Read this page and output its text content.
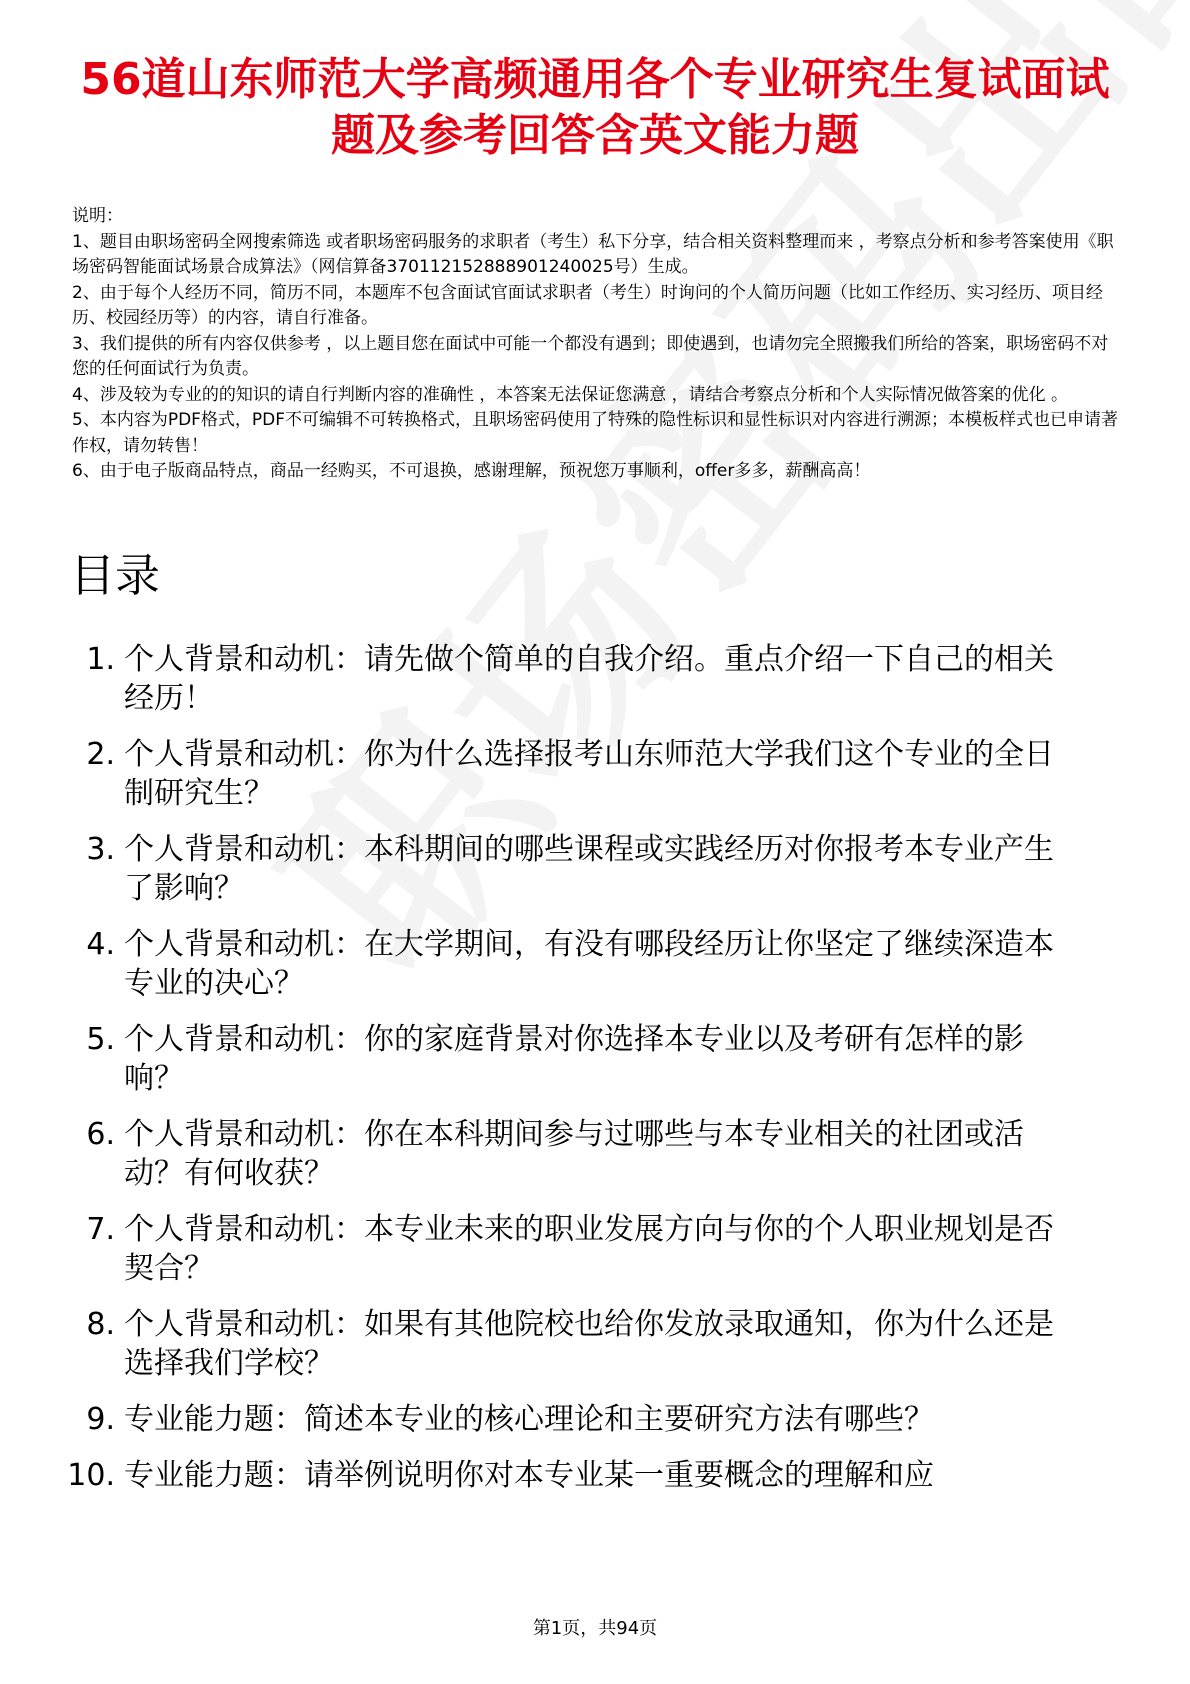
56道山东师范大学高频通用各个专业研究生复试面试题及参考回答含英文能力题

说明：

1、题目由职场密码全网搜索筛选 或者职场密码服务的求职者（考生）私下分享，结合相关资料整理而来 ，考察点分析和参考答案使用《职场密码智能面试场景合成算法》（网信算备370112152888901240025号）生成。

2、由于每个人经历不同，简历不同，本题库不包含面试官面试求职者（考生）时询问的个人简历问题（比如工作经历、实习经历、项目经历、校园经历等）的内容，请自行准备。

3、我们提供的所有内容仅供参考 ，以上题目您在面试中可能一个都没有遇到；即使遇到，也请勿完全照搬我们所给的答案，职场密码不对您的任何面试行为负责。

4、涉及较为专业的的知识的请自行判断内容的准确性 ，本答案无法保证您满意 ，请结合考察点分析和个人实际情况做答案的优化 。

5、本内容为PDF格式，PDF不可编辑不可转换格式，且职场密码使用了特殊的隐性标识和显性标识对内容进行溯源；本模板样式也已申请著作权，请勿转售！

6、由于电子版商品特点，商品一经购买，不可退换，感谢理解，预祝您万事顺利，offer多多，薪酬高高！

目录
1. 个人背景和动机：请先做个简单的自我介绍。重点介绍一下自己的相关经历！
2. 个人背景和动机：你为什么选择报考山东师范大学我们这个专业的全日制研究生？
3. 个人背景和动机：本科期间的哪些课程或实践经历对你报考本专业产生了影响？
4. 个人背景和动机：在大学期间，有没有哪段经历让你坚定了继续深造本专业的决心？
5. 个人背景和动机：你的家庭背景对你选择本专业以及考研有怎样的影响？
6. 个人背景和动机：你在本科期间参与过哪些与本专业相关的社团或活动？有何收获？
7. 个人背景和动机：本专业未来的职业发展方向与你的个人职业规划是否契合？
8. 个人背景和动机：如果有其他院校也给你发放录取通知，你为什么还是选择我们学校？
9. 专业能力题：简述本专业的核心理论和主要研究方法有哪些？
10. 专业能力题：请举例说明你对本专业某一重要概念的理解和应
第1页，共94页
